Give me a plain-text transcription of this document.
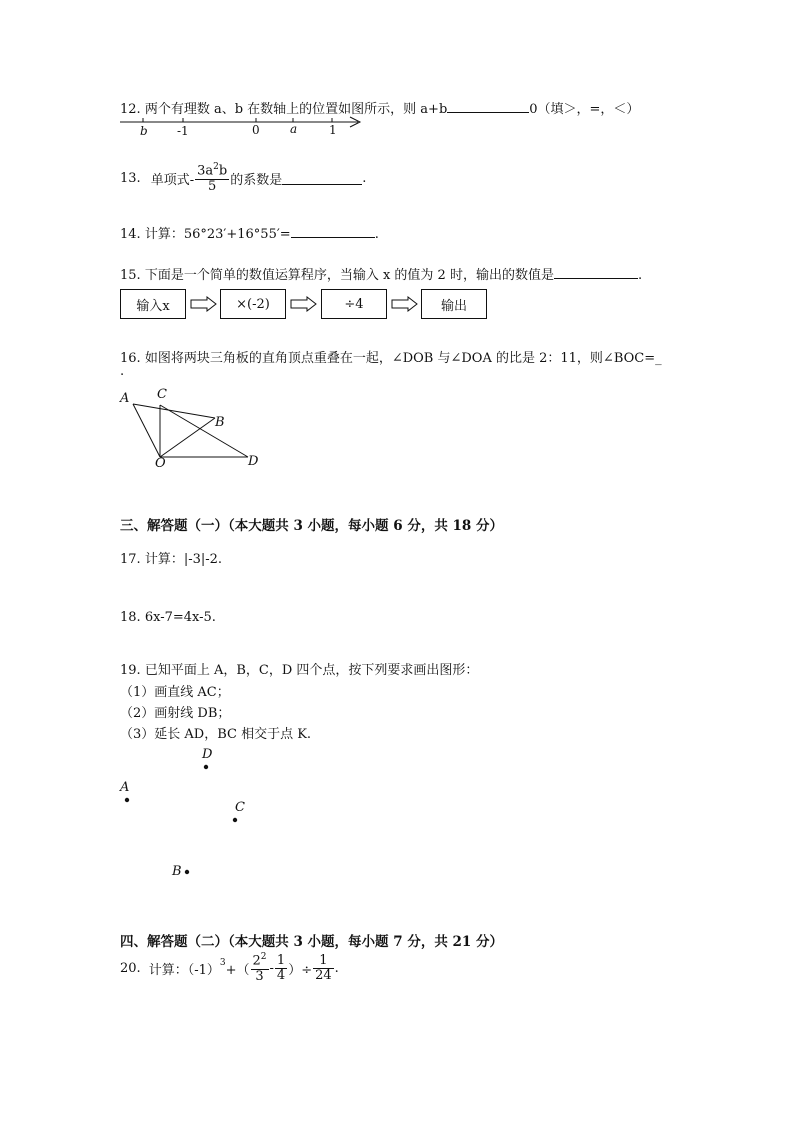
12. 两个有理数 a、b 在数轴上的位置如图所示，则 a+b	0（填＞，=，＜）
b -1	0	a	1
13. 单项式- $\frac{3a^2b}{5}$ 的系数是	.
14. 计算：56°23′+16°55′=	.
15. 下面是一个简单的数值运算程序，当输入 x 的值为 2 时，输出的数值是	.
输入x	×(-2)	÷4	输出
16. 如图将两块三角板的直角顶点重叠在一起，∠DOB 与∠DOA 的比是 2：11，则∠BOC=_
.
A C
B
O	D
三、解答题（一）（本大题共 3 小题，每小题 6 分，共 18 分）
17. 计算：|-3|-2.
18. 6x-7=4x-5.
19. 已知平面上 A，B，C，D 四个点，按下列要求画出图形：
（1）画直线 AC；
（2）画射线 DB；
（3）延长 AD，BC 相交于点 K.
D
A
C
B
四、解答题（二）（本大题共 3 小题，每小题 7 分，共 21 分）
20. 计算：$(-1)^3$ +（ $\frac{2^2}{3} - \frac{1}{4}$ ）÷ $\frac{1}{24}$ .
